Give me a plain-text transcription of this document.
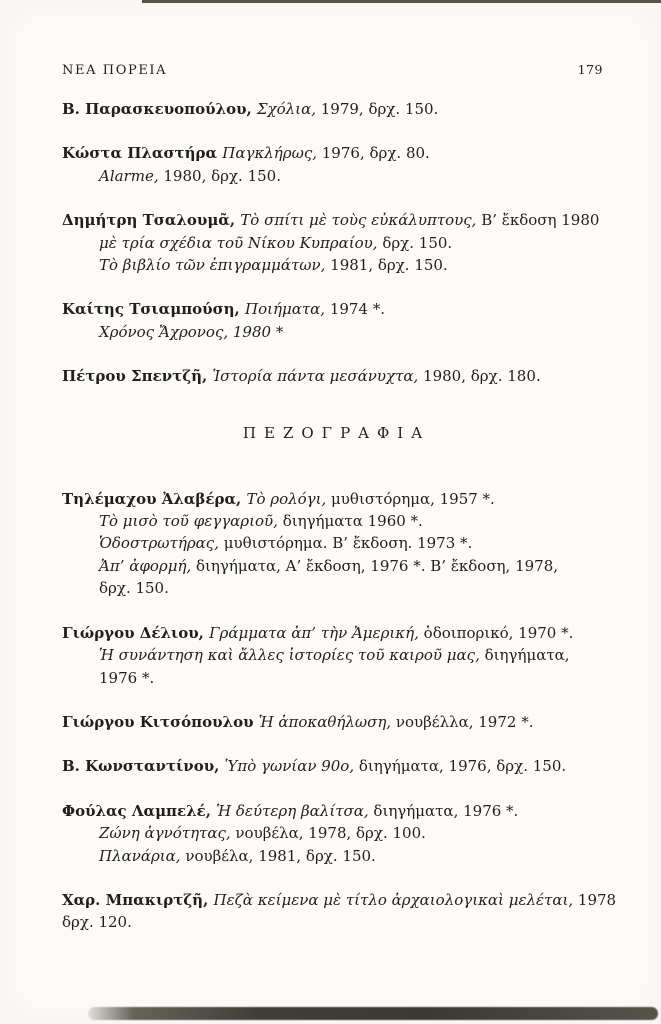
ΝΕΑ ΠΟΡΕΙΑ	179
Β. Παρασκευοπούλου, Σχόλια, 1979, δρχ. 150.
Κώστα Πλαστήρα Παγκλήρως, 1976, δρχ. 80.
Alarme, 1980, δρχ. 150.
Δημήτρη Τσαλουμᾶ, Τὸ σπίτι μὲ τοὺς εὐκάλυπτους, Β’ ἔκδοση 1980
μὲ τρία σχέδια τοῦ Νίκου Κυπραίου, δρχ. 150.
Τὸ βιβλίο τῶν ἐπιγραμμάτων, 1981, δρχ. 150.
Καίτης Τσιαμπούση, Ποιήματα, 1974 *.
Χρόνος Ἄχρονος, 1980 *
Πέτρου Σπεντζῆ, Ἱστορία πάντα μεσάνυχτα, 1980, δρχ. 180.
ΠΕΖΟΓΡΑΦΙΑ
Τηλέμαχου Ἀλαβέρα, Τὸ ρολόγι, μυθιστόρημα, 1957 *.
Τὸ μισὸ τοῦ φεγγαριοῦ, διηγήματα 1960 *.
Ὁδοστρωτήρας, μυθιστόρημα. Β’ ἔκδοση. 1973 *.
Ἀπ’ ἀφορμή, διηγήματα, Α’ ἔκδοση, 1976 *. Β’ ἔκδοση, 1978,
δρχ. 150.
Γιώργου Δέλιου, Γράμματα ἀπ’ τὴν Ἀμερική, ὁδοιπορικό, 1970 *.
Ἡ συνάντηση καὶ ἄλλες ἱστορίες τοῦ καιροῦ μας, διηγήματα,
1976 *.
Γιώργου Κιτσόπουλου Ἡ ἀποκαθήλωση, νουβέλλα, 1972 *.
Β. Κωνσταντίνου, Ὑπὸ γωνίαν 90ο, διηγήματα, 1976, δρχ. 150.
Φούλας Λαμπελέ, Ἡ δεύτερη βαλίτσα, διηγήματα, 1976 *.
Ζώνη ἁγνότητας, νουβέλα, 1978, δρχ. 100.
Πλανάρια, νουβέλα, 1981, δρχ. 150.
Χαρ. Μπακιρτζῆ, Πεζὰ κείμενα μὲ τίτλο ἀρχαιολογικαὶ μελέται, 1978
δρχ. 120.
